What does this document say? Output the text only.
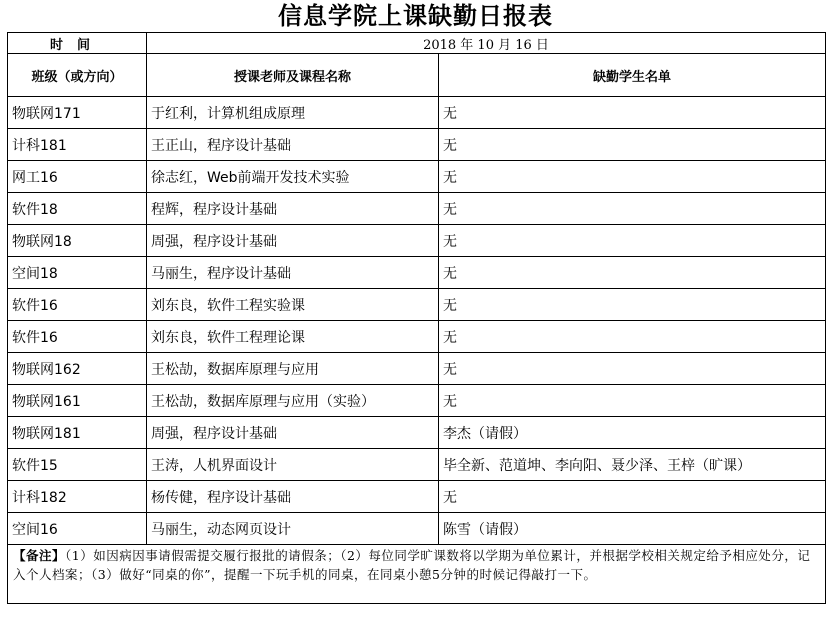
信息学院上课缺勤日报表
时间	2018 年 10 月 16 日	
班级（或方向）	授课老师及课程名称	缺勤学生名单
物联网171	于红利，计算机组成原理	无
计科181	王正山，程序设计基础	无
网工16	徐志红，Web前端开发技术实验	无
软件18	程辉，程序设计基础	无
物联网18	周强，程序设计基础	无
空间18	马丽生，程序设计基础	无
软件16	刘东良，软件工程实验课	无
软件16	刘东良，软件工程理论课	无
物联网162	王松劼，数据库原理与应用	无
物联网161	王松劼，数据库原理与应用（实验）	无
物联网181	周强，程序设计基础	李杰（请假）
软件15	王涛，人机界面设计	毕全新、范道坤、李向阳、聂少泽、王梓（旷课）
计科182	杨传健，程序设计基础	无
空间16	马丽生，动态网页设计	陈雪（请假）
【备注】（1）如因病因事请假需提交履行报批的请假条；（2）每位同学旷课数将以学期为单位累计，并根据学校相关规定给予相应处分，记入个人档案；（3）做好“同桌的你”，提醒一下玩手机的同桌，在同桌小憩5分钟的时候记得敲打一下。		
